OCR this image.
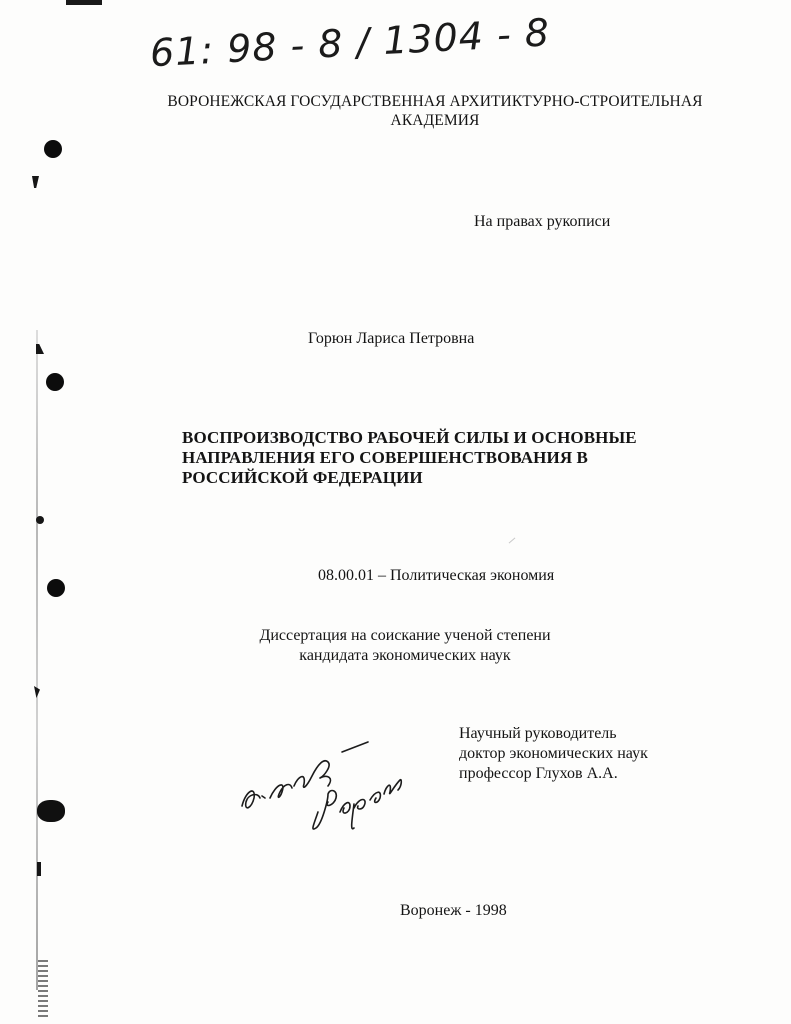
61: 98 - 8 / 1304 - 8
ВОРОНЕЖСКАЯ ГОСУДАРСТВЕННАЯ АРХИТИКТУРНО-СТРОИТЕЛЬНАЯ
АКАДЕМИЯ
На правах рукописи
Горюн Лариса Петровна
ВОСПРОИЗВОДСТВО РАБОЧЕЙ СИЛЫ И ОСНОВНЫЕ
НАПРАВЛЕНИЯ ЕГО СОВЕРШЕНСТВОВАНИЯ В
РОССИЙСКОЙ ФЕДЕРАЦИИ
08.00.01 – Политическая экономия
Диссертация на соискание ученой степени
кандидата экономических наук
Научный руководитель
доктор экономических наук
профессор Глухов А.А.
Воронеж - 1998
